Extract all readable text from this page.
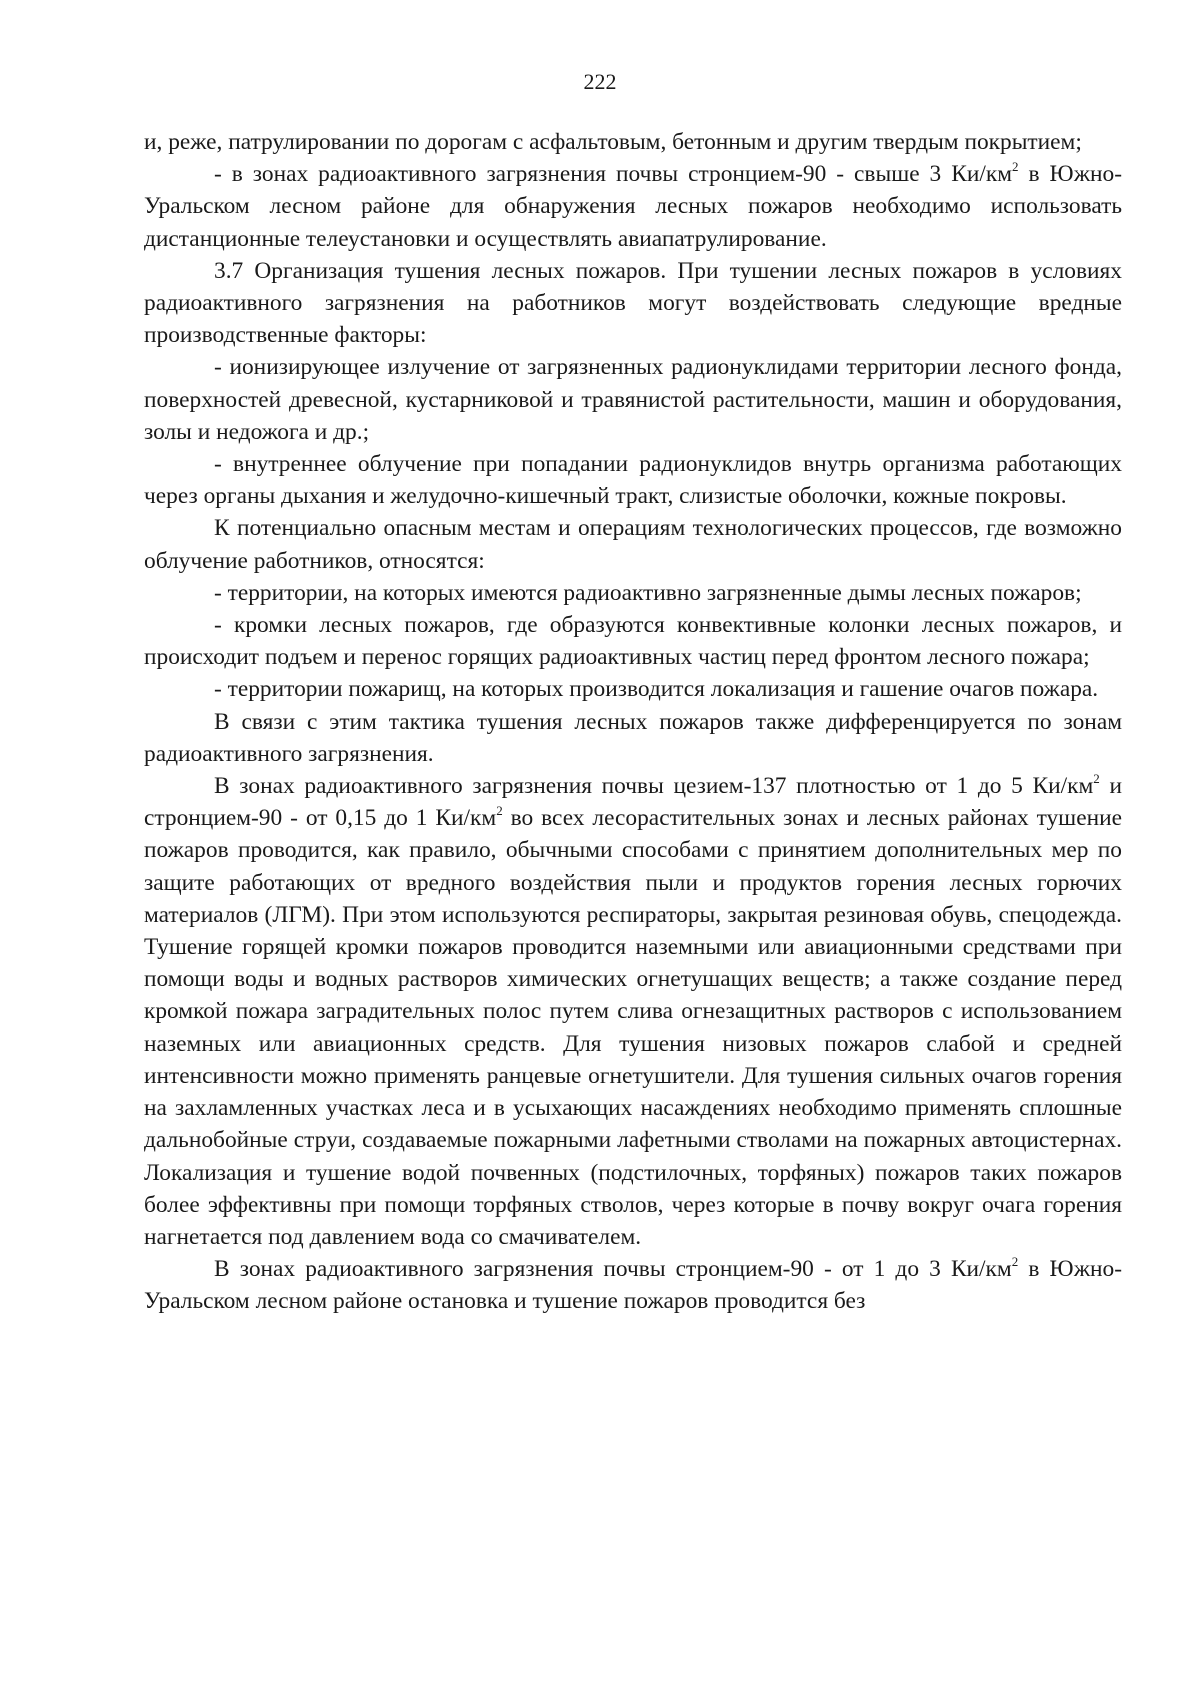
222

и, реже, патрулировании по дорогам с асфальтовым, бетонным и другим твердым покрытием;

- в зонах радиоактивного загрязнения почвы стронцием-90 - свыше 3 $Ки/км^2$ в Южно-Уральском лесном районе для обнаружения лесных пожаров необходимо использовать дистанционные телеустановки и осуществлять авиапатрулирование.

3.7 Организация тушения лесных пожаров. При тушении лесных пожаров в условиях радиоактивного загрязнения на работников могут воздействовать следующие вредные производственные факторы:

- ионизирующее излучение от загрязненных радионуклидами территории лесного фонда, поверхностей древесной, кустарниковой и травянистой растительности, машин и оборудования, золы и недожога и др.;

- внутреннее облучение при попадании радионуклидов внутрь организма работающих через органы дыхания и желудочно-кишечный тракт, слизистые оболочки, кожные покровы.

К потенциально опасным местам и операциям технологических процессов, где возможно облучение работников, относятся:

- территории, на которых имеются радиоактивно загрязненные дымы лесных пожаров;

- кромки лесных пожаров, где образуются конвективные колонки лесных пожаров, и происходит подъем и перенос горящих радиоактивных частиц перед фронтом лесного пожара;

- территории пожарищ, на которых производится локализация и гашение очагов пожара.

В связи с этим тактика тушения лесных пожаров также дифференцируется по зонам радиоактивного загрязнения.

В зонах радиоактивного загрязнения почвы цезием-137 плотностью от 1 до 5 $Ки/км^2$ и стронцием-90 - от 0,15 до 1 $Ки/км^2$ во всех лесорастительных зонах и лесных районах тушение пожаров проводится, как правило, обычными способами с принятием дополнительных мер по защите работающих от вредного воздействия пыли и продуктов горения лесных горючих материалов (ЛГМ). При этом используются респираторы, закрытая резиновая обувь, спецодежда. Тушение горящей кромки пожаров проводится наземными или авиационными средствами при помощи воды и водных растворов химических огнетушащих веществ; а также создание перед кромкой пожара заградительных полос путем слива огнезащитных растворов с использованием наземных или авиационных средств. Для тушения низовых пожаров слабой и средней интенсивности можно применять ранцевые огнетушители. Для тушения сильных очагов горения на захламленных участках леса и в усыхающих насаждениях необходимо применять сплошные дальнобойные струи, создаваемые пожарными лафетными стволами на пожарных автоцистернах. Локализация и тушение водой почвенных (подстилочных, торфяных) пожаров таких пожаров более эффективны при помощи торфяных стволов, через которые в почву вокруг очага горения нагнетается под давлением вода со смачивателем.

В зонах радиоактивного загрязнения почвы стронцием-90 - от 1 до 3 $Ки/км^2$ в Южно-Уральском лесном районе остановка и тушение пожаров проводится без
